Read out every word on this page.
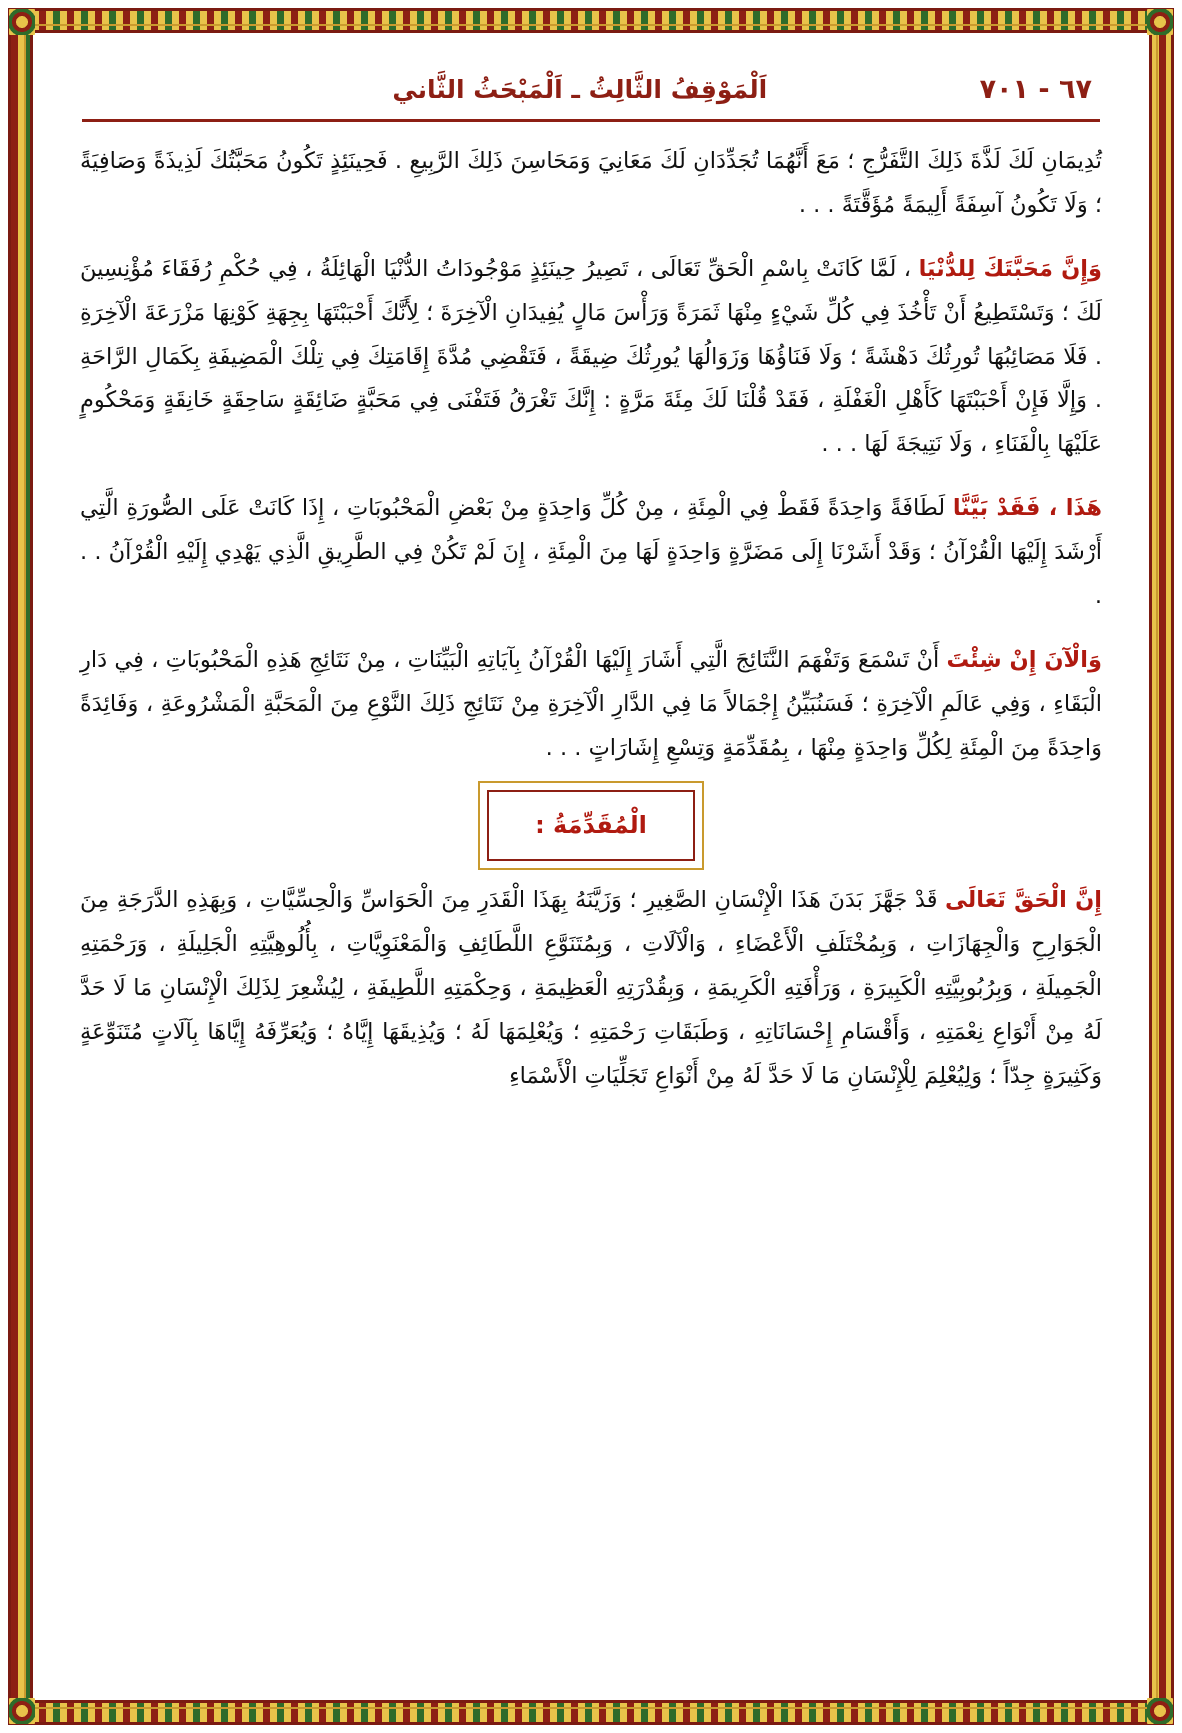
٦٧ - ٧٠١
اَلْمَوْقِفُ الثَّالِثُ ـ اَلْمَبْحَثُ الثَّاني

تُدِيمَانِ لَكَ لَذَّةَ ذَلِكَ التَّفَرُّجِ ؛ مَعَ أَنَّهُمَا تُجَدِّدَانِ لَكَ مَعَانِيَ وَمَحَاسِنَ ذَلِكَ الرَّبِيعِ . فَحِينَئِذٍ تَكُونُ مَحَبَّتُكَ لَذِيذَةً وَصَافِيَةً ؛ وَلَا تَكُونُ آسِفَةً أَلِيمَةً مُؤَقَّتَةً . . .

وَإِنَّ مَحَبَّتَكَ لِلدُّنْيَا ، لَمَّا كَانَتْ بِاسْمِ الْحَقِّ تَعَالَى ، تَصِيرُ حِينَئِذٍ مَوْجُودَاتُ الدُّنْيَا الْهَائِلَةُ ، فِي حُكْمِ رُفَقَاءَ مُؤْنِسِينَ لَكَ ؛ وَتَسْتَطِيعُ أَنْ تَأْخُذَ فِي كُلِّ شَيْءٍ مِنْهَا ثَمَرَةً وَرَأْسَ مَالٍ يُفِيدَانِ الْآخِرَةَ ؛ لِأَنَّكَ أَحْبَبْتَهَا بِجِهَةِ كَوْنِهَا مَزْرَعَةَ الْآخِرَةِ . فَلَا مَصَائِبُهَا تُورِثُكَ دَهْشَةً ؛ وَلَا فَنَاؤُهَا وَزَوَالُهَا يُورِثُكَ ضِيقَةً ، فَتَقْضِي مُدَّةَ إِقَامَتِكَ فِي تِلْكَ الْمَضِيفَةِ بِكَمَالِ الرَّاحَةِ . وَإِلَّا فَإِنْ أَحْبَبْتَهَا كَأَهْلِ الْغَفْلَةِ ، فَقَدْ قُلْنَا لَكَ مِئَةَ مَرَّةٍ : إِنَّكَ تَغْرَقُ فَتَفْنَى فِي مَحَبَّةٍ ضَائِقَةٍ سَاحِقَةٍ خَانِقَةٍ وَمَحْكُومٍ عَلَيْهَا بِالْفَنَاءِ ، وَلَا نَتِيجَةَ لَهَا . . .

هَذَا ، فَقَدْ بَيَّنَّا لَطَافَةً وَاحِدَةً فَقَطْ فِي الْمِئَةِ ، مِنْ كُلِّ وَاحِدَةٍ مِنْ بَعْضِ الْمَحْبُوبَاتِ ، إِذَا كَانَتْ عَلَى الصُّورَةِ الَّتِي أَرْشَدَ إِلَيْهَا الْقُرْآنُ ؛ وَقَدْ أَشَرْنَا إِلَى مَضَرَّةٍ وَاحِدَةٍ لَهَا مِنَ الْمِئَةِ ، إِنَ لَمْ تَكُنْ فِي الطَّرِيقِ الَّذِي يَهْدِي إِلَيْهِ الْقُرْآنُ . . .

وَالْآنَ إِنْ شِئْتَ أَنْ تَسْمَعَ وَتَفْهَمَ النَّتَائِجَ الَّتِي أَشَارَ إِلَيْهَا الْقُرْآنُ بِآيَاتِهِ الْبَيِّنَاتِ ، مِنْ نَتَائِجِ هَذِهِ الْمَحْبُوبَاتِ ، فِي دَارِ الْبَقَاءِ ، وَفِي عَالَمِ الْآخِرَةِ ؛ فَسَنُبَيِّنُ إِجْمَالاً مَا فِي الدَّارِ الْآخِرَةِ مِنْ نَتَائِجِ ذَلِكَ النَّوْعِ مِنَ الْمَحَبَّةِ الْمَشْرُوعَةِ ، وَفَائِدَةً وَاحِدَةً مِنَ الْمِئَةِ لِكُلِّ وَاحِدَةٍ مِنْهَا ، بِمُقَدِّمَةٍ وَتِسْعِ إِشَارَاتٍ . . .

الْمُقَدِّمَةُ :

إِنَّ الْحَقَّ تَعَالَى قَدْ جَهَّزَ بَدَنَ هَذَا الْإِنْسَانِ الصَّغِيرِ ؛ وَزَيَّنَهُ بِهَذَا الْقَدَرِ مِنَ الْحَوَاسِّ وَالْحِسِّيَّاتِ ، وَبِهَذِهِ الدَّرَجَةِ مِنَ الْجَوَارِحِ وَالْجِهَازَاتِ ، وَبِمُخْتَلَفِ الْأَعْضَاءِ ، وَالْآلَاتِ ، وَبِمُتَنَوَّعِ اللَّطَائِفِ وَالْمَعْنَوِيَّاتِ ، بِأُلُوهِيَّتِهِ الْجَلِيلَةِ ، وَرَحْمَتِهِ الْجَمِيلَةِ ، وَبِرُبُوبِيَّتِهِ الْكَبِيرَةِ ، وَرَأْفَتِهِ الْكَرِيمَةِ ، وَبِقُدْرَتِهِ الْعَظِيمَةِ ، وَحِكْمَتِهِ اللَّطِيفَةِ ، لِيُشْعِرَ لِذَلِكَ الْإِنْسَانِ مَا لَا حَدَّ لَهُ مِنْ أَنْوَاعِ نِعْمَتِهِ ، وَأَقْسَامِ إِحْسَانَاتِهِ ، وَطَبَقَاتِ رَحْمَتِهِ ؛ وَيُعْلِمَهَا لَهُ ؛ وَيُذِيقَهَا إِيَّاهُ ؛ وَيُعَرِّفَهُ إِيَّاهَا بِآلَاتٍ مُتَنَوِّعَةٍ وَكَثِيرَةٍ جِدّاً ؛ وَلِيُعْلِمَ لِلْإِنْسَانِ مَا لَا حَدَّ لَهُ مِنْ أَنْوَاعِ تَجَلِّيَاتِ الْأَسْمَاءِ
